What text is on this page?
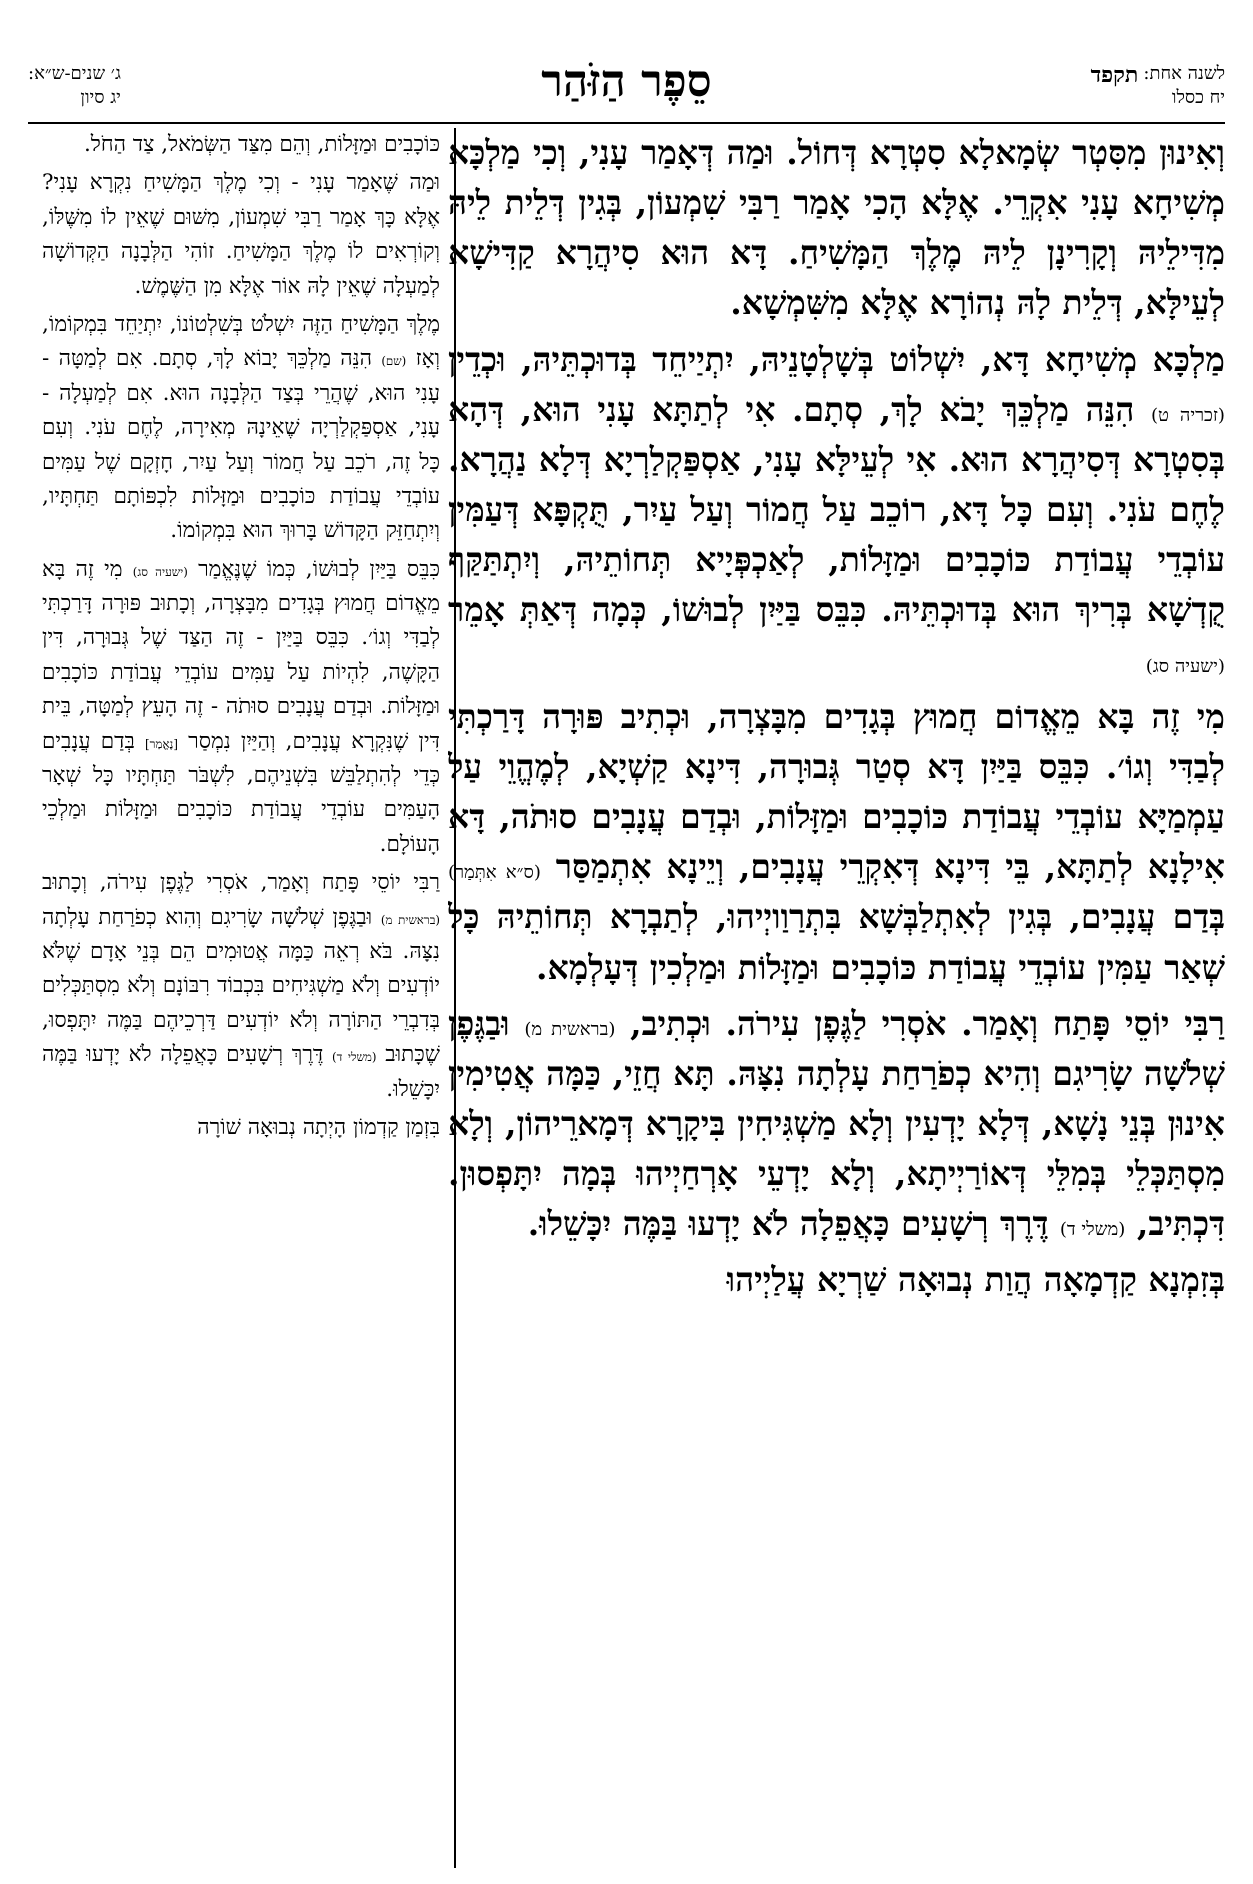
לשנה אחת:
יח כסלו תקפד
סֵפֶר הַזֹּהַר
ג׳ שנים-ש״א:
יג סיון

וְאִינוּן מִסִּטְר שְׂמָאלָא סִטְרָא דְּחוֹל. וּמַה דְּאָמַר עָנִי, וְכִי מַלְכָּא מְשִׁיחָא עָנִי אִקְרֵי. אֶלָּא הָכִי אָמַר רַבִּי שִׁמְעוֹן, בְּגִין דְּלֵית לֵיהּ מִדִּילֵיהּ וְקָרִינָן לֵיהּ מֶלֶךְ הַמָּשִׁיחַ. דָּא הוּא סִיהֲרָא קַדִּישָׁא לְעֵילָּא, דְּלֵית לָהּ נְהוֹרָא אֶלָּא מִשִּׁמְשָׁא.

מַלְכָּא מְשִׁיחָא דָּא, יִשְׁלוֹט בְּשָׁלְטָנֵיהּ, יִתְיַיחֵד בְּדוּכְתֵּיהּ, וּכְדֵין (זכריה ט) הִנֵּה מַלְכֵּךְ יָבֹא לָךְ, סְתָם. אִי לְתַתָּא עָנִי הוּא, דְּהָא בְּסִטְרָא דְּסִיהֲרָא הוּא. אִי לְעֵילָּא עָנִי, אַסְפַּקְלַרְיָא דְּלָא נַהֲרָא. לֶחֶם עֹנִי. וְעִם כָּל דָּא, רוֹכֵב עַל חֲמוֹר וְעַל עַיִר, תֻּקְפָּא דְּעַמִּין עוֹבְדֵי עֲבוֹדַת כּוֹכָבִים וּמַזָּלוֹת, לְאַכְפְּיָיא תְּחוֹתֵיהּ, וְיִתְתַּקַּף קֻדְשָׁא בְּרִיךְ הוּא בְּדוּכְתֵּיהּ. כִּבֵּס בַּיַּיִן לְבוּשׁוֹ, כְּמָה דְּאַתְּ אָמֵר (ישעיה סג)

מִי זֶה בָּא מֵאֱדוֹם חֲמוּץ בְּגָדִים מִבָּצְרָה, וּכְתִיב פּוּרָה דָּרַכְתִּי לְבַדִּי וְגוֹ׳. כִּבֵּס בַּיַּיִן דָּא סְטַר גְּבוּרָה, דִּינָא קַשְׁיָא, לְמֶהֱוֵי עַל עַמְמַיָּא עוֹבְדֵי עֲבוֹדַת כּוֹכָבִים וּמַזָּלוֹת, וּבְדַם עֲנָבִים סוּתֹה, דָּא אִילָנָא לְתַתָּא, בֵּי דִּינָא דְּאִקְרֵי עֲנָבִים, וְיֵינָא אִתְמַסַּר (ס״א אִתְּמַר) בְּדַם עֲנָבִים, בְּגִין לְאִתְלַבְּשָׁא בִּתְרַוַויְיהוּ, לְתַבְרָא תְּחוֹתֵיהּ כָּל שְׁאַר עַמִּין עוֹבְדֵי עֲבוֹדַת כּוֹכָבִים וּמַזָּלוֹת וּמַלְכִין דְּעָלְמָא.

רַבִּי יוֹסֵי פָּתַח וְאָמַר. אֹסְרִי לַגֶּפֶן עִירֹה. וּכְתִיב, (בראשית מ) וּבַגֶּפֶן שְׁלֹשָׁה שָׂרִיגִם וְהִיא כְפֹרַחַת עָלְתָה נִצָּהּ. תָּא חֲזֵי, כַּמָּה אֲטִימִין אִינוּן בְּנֵי נָשָׁא, דְּלָא יָדְעִין וְלָא מַשְׁגִּיחִין בִּיקָרָא דְּמָארֵיהוֹן, וְלָא מִסְתַּכְּלֵי בְּמִלֵּי דְּאוֹרַיְיתָא, וְלָא יָדְעֵי אָרְחַיְיהוּ בְּמָה יִתָּפְסוּן. דִּכְתִּיב, (משלי ד) דֶּרֶךְ רְשָׁעִים כָּאֲפֵלָה לֹא יָדְעוּ בַּמֶּה יִכָּשֵׁלוּ.

בְּזִמְנָא קַדְמָאָה הֲוַת נְבוּאָה שַׁרְיָא עֲלַיְיהוּ

כּוֹכָבִים וּמַזָּלוֹת, וְהֵם מִצַּד הַשְּׂמֹאל, צַד הַחֹל.

וּמַה שֶּׁאָמַר עָנִי - וְכִי מֶלֶךְ הַמָּשִׁיחַ נִקְרָא עָנִי? אֶלָּא כָּךְ אָמַר רַבִּי שִׁמְעוֹן, מִשּׁוּם שֶׁאֵין לוֹ מִשֶּׁלּוֹ, וְקוֹרְאִים לוֹ מֶלֶךְ הַמָּשִׁיחַ. זוֹהִי הַלְּבָנָה הַקְּדוֹשָׁה לְמַעְלָה שֶׁאֵין לָהּ אוֹר אֶלָּא מִן הַשֶּׁמֶשׁ.

מֶלֶךְ הַמָּשִׁיחַ הַזֶּה יִשְׁלֹט בְּשִׁלְטוֹנוֹ, יִתְיַחֵד בִּמְקוֹמוֹ, וְאָז (שם) הִנֵּה מַלְכֵּךְ יָבוֹא לָךְ, סְתָם. אִם לְמַטָּה - עָנִי הוּא, שֶׁהֲרֵי בְּצַד הַלְּבָנָה הוּא. אִם לְמַעְלָה - עָנִי, אַסְפַּקְלַרְיָה שֶׁאֵינָהּ מְאִירָה, לֶחֶם עֹנִי. וְעִם כָּל זֶה, רֹכֵב עַל חֲמוֹר וְעַל עַיִר, חָזְקָם שֶׁל עַמִּים עוֹבְדֵי עֲבוֹדַת כּוֹכָבִים וּמַזָּלוֹת לִכְפּוֹתָם תַּחְתָּיו, וְיִתְחַזֵּק הַקָּדוֹשׁ בָּרוּךְ הוּא בִּמְקוֹמוֹ.

כִּבֵּס בַּיַּיִן לְבוּשׁוֹ, כְּמוֹ שֶׁנֶּאֱמַר (ישעיה סג) מִי זֶה בָּא מֵאֱדוֹם חֲמוּץ בְּגָדִים מִבָּצְרָה, וְכָתוּב פּוּרָה דָּרַכְתִּי לְבַדִּי וְגוֹ׳. כִּבֵּס בַּיַּיִן - זֶה הַצַּד שֶׁל גְּבוּרָה, דִּין הַקָּשֶׁה, לִהְיוֹת עַל עַמִּים עוֹבְדֵי עֲבוֹדַת כּוֹכָבִים וּמַזָּלוֹת. וּבְדַם עֲנָבִים סוּתֹה - זֶה הָעֵץ לְמַטָּה, בֵּית דִּין שֶׁנִּקְרָא עֲנָבִים, וְהַיַּיִן נִמְסַר [נֶאֱמַר] בְּדַם עֲנָבִים כְּדֵי לְהִתְלַבֵּשׁ בִּשְׁנֵיהֶם, לִשְׁבֹּר תַּחְתָּיו כָּל שְׁאָר הָעַמִּים עוֹבְדֵי עֲבוֹדַת כּוֹכָבִים וּמַזָּלוֹת וּמַלְכֵי הָעוֹלָם.

רַבִּי יוֹסֵי פָּתַח וְאָמַר, אֹסְרִי לַגֶּפֶן עִירֹה, וְכָתוּב (בראשית מ) וּבַגֶּפֶן שְׁלֹשָׁה שָׂרִיגִם וְהִוא כְפֹרַחַת עָלְתָה נִצָּהּ. בֹּא רְאֵה כַּמָּה אֲטוּמִים הֵם בְּנֵי אָדָם שֶׁלֹּא יוֹדְעִים וְלֹא מַשְׁגִּיחִים בִּכְבוֹד רִבּוֹנָם וְלֹא מִסְתַּכְּלִים בְּדִבְרֵי הַתּוֹרָה וְלֹא יוֹדְעִים דַּרְכֵיהֶם בַּמֶּה יִתָּפְסוּ, שֶׁכָּתוּב (משלי ד) דֶּרֶךְ רְשָׁעִים כָּאֲפֵלָה לֹא יָדְעוּ בַּמֶּה יִכָּשֵׁלוּ.

בִּזְמַן קַדְמוֹן הָיְתָה נְבוּאָה שׁוֹרָה
